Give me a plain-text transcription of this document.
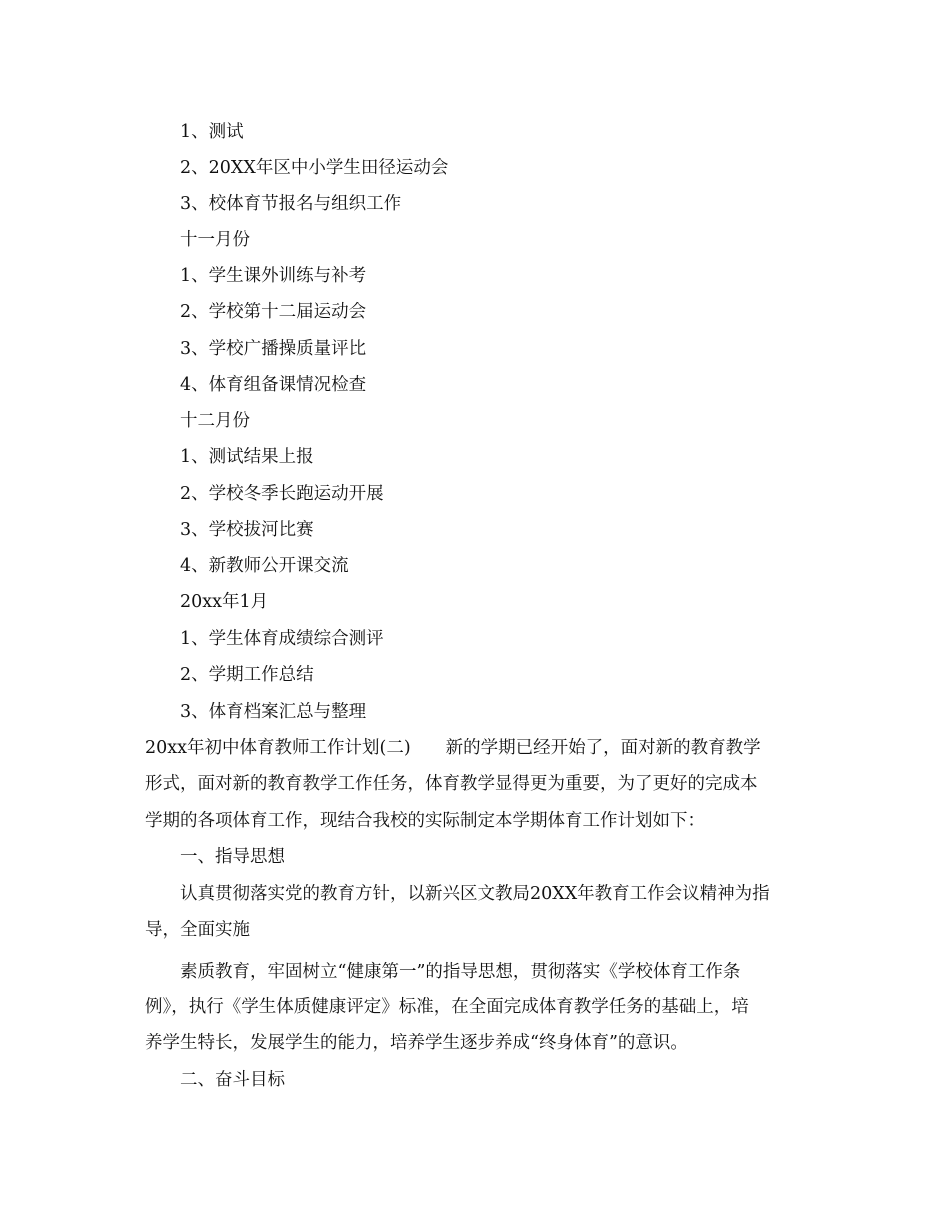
1、测试
2、20XX年区中小学生田径运动会
3、校体育节报名与组织工作
十一月份
1、学生课外训练与补考
2、学校第十二届运动会
3、学校广播操质量评比
4、体育组备课情况检查
十二月份
1、测试结果上报
2、学校冬季长跑运动开展
3、学校拔河比赛
4、新教师公开课交流
20xx年1月
1、学生体育成绩综合测评
2、学期工作总结
3、体育档案汇总与整理
20xx年初中体育教师工作计划(二)　　新的学期已经开始了，面对新的教育教学
形式，面对新的教育教学工作任务，体育教学显得更为重要，为了更好的完成本
学期的各项体育工作，现结合我校的实际制定本学期体育工作计划如下：
一、指导思想
认真贯彻落实党的教育方针，以新兴区文教局20XX年教育工作会议精神为指
导，全面实施
素质教育，牢固树立“健康第一”的指导思想，贯彻落实《学校体育工作条
例》，执行《学生体质健康评定》标准，在全面完成体育教学任务的基础上，培
养学生特长，发展学生的能力，培养学生逐步养成“终身体育”的意识。
二、奋斗目标
